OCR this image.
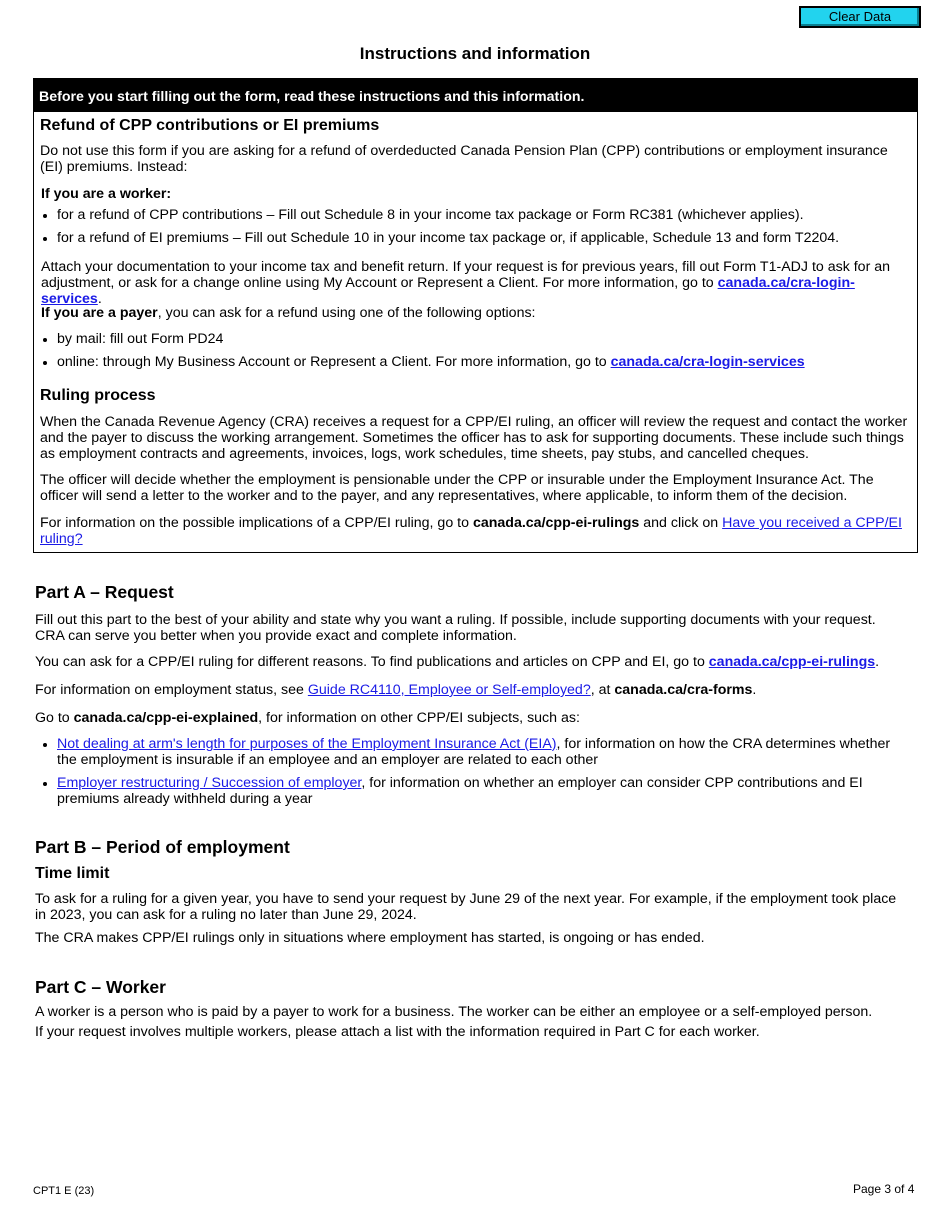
Clear Data
Instructions and information
Before you start filling out the form, read these instructions and this information.
Refund of CPP contributions or EI premiums
Do not use this form if you are asking for a refund of overdeducted Canada Pension Plan (CPP) contributions or employment insurance (EI) premiums. Instead:
If you are a worker:
for a refund of CPP contributions – Fill out Schedule 8 in your income tax package or Form RC381 (whichever applies).
for a refund of EI premiums – Fill out Schedule 10 in your income tax package or, if applicable, Schedule 13 and form T2204.
Attach your documentation to your income tax and benefit return. If your request is for previous years, fill out Form T1-ADJ to ask for an adjustment, or ask for a change online using My Account or Represent a Client. For more information, go to canada.ca/cra-login-services.
If you are a payer, you can ask for a refund using one of the following options:
by mail: fill out Form PD24
online: through My Business Account or Represent a Client. For more information, go to canada.ca/cra-login-services
Ruling process
When the Canada Revenue Agency (CRA) receives a request for a CPP/EI ruling, an officer will review the request and contact the worker and the payer to discuss the working arrangement. Sometimes the officer has to ask for supporting documents. These include such things as employment contracts and agreements, invoices, logs, work schedules, time sheets, pay stubs, and cancelled cheques.
The officer will decide whether the employment is pensionable under the CPP or insurable under the Employment Insurance Act. The officer will send a letter to the worker and to the payer, and any representatives, where applicable, to inform them of the decision.
For information on the possible implications of a CPP/EI ruling, go to canada.ca/cpp-ei-rulings and click on Have you received a CPP/EI ruling?
Part A – Request
Fill out this part to the best of your ability and state why you want a ruling. If possible, include supporting documents with your request. CRA can serve you better when you provide exact and complete information.
You can ask for a CPP/EI ruling for different reasons. To find publications and articles on CPP and EI, go to canada.ca/cpp-ei-rulings.
For information on employment status, see Guide RC4110, Employee or Self-employed?, at canada.ca/cra-forms.
Go to canada.ca/cpp-ei-explained, for information on other CPP/EI subjects, such as:
Not dealing at arm's length for purposes of the Employment Insurance Act (EIA), for information on how the CRA determines whether the employment is insurable if an employee and an employer are related to each other
Employer restructuring / Succession of employer, for information on whether an employer can consider CPP contributions and EI premiums already withheld during a year
Part B – Period of employment
Time limit
To ask for a ruling for a given year, you have to send your request by June 29 of the next year. For example, if the employment took place in 2023, you can ask for a ruling no later than June 29, 2024.
The CRA makes CPP/EI rulings only in situations where employment has started, is ongoing or has ended.
Part C – Worker
A worker is a person who is paid by a payer to work for a business. The worker can be either an employee or a self-employed person.
If your request involves multiple workers, please attach a list with the information required in Part C for each worker.
CPT1 E (23)	Page 3 of 4
